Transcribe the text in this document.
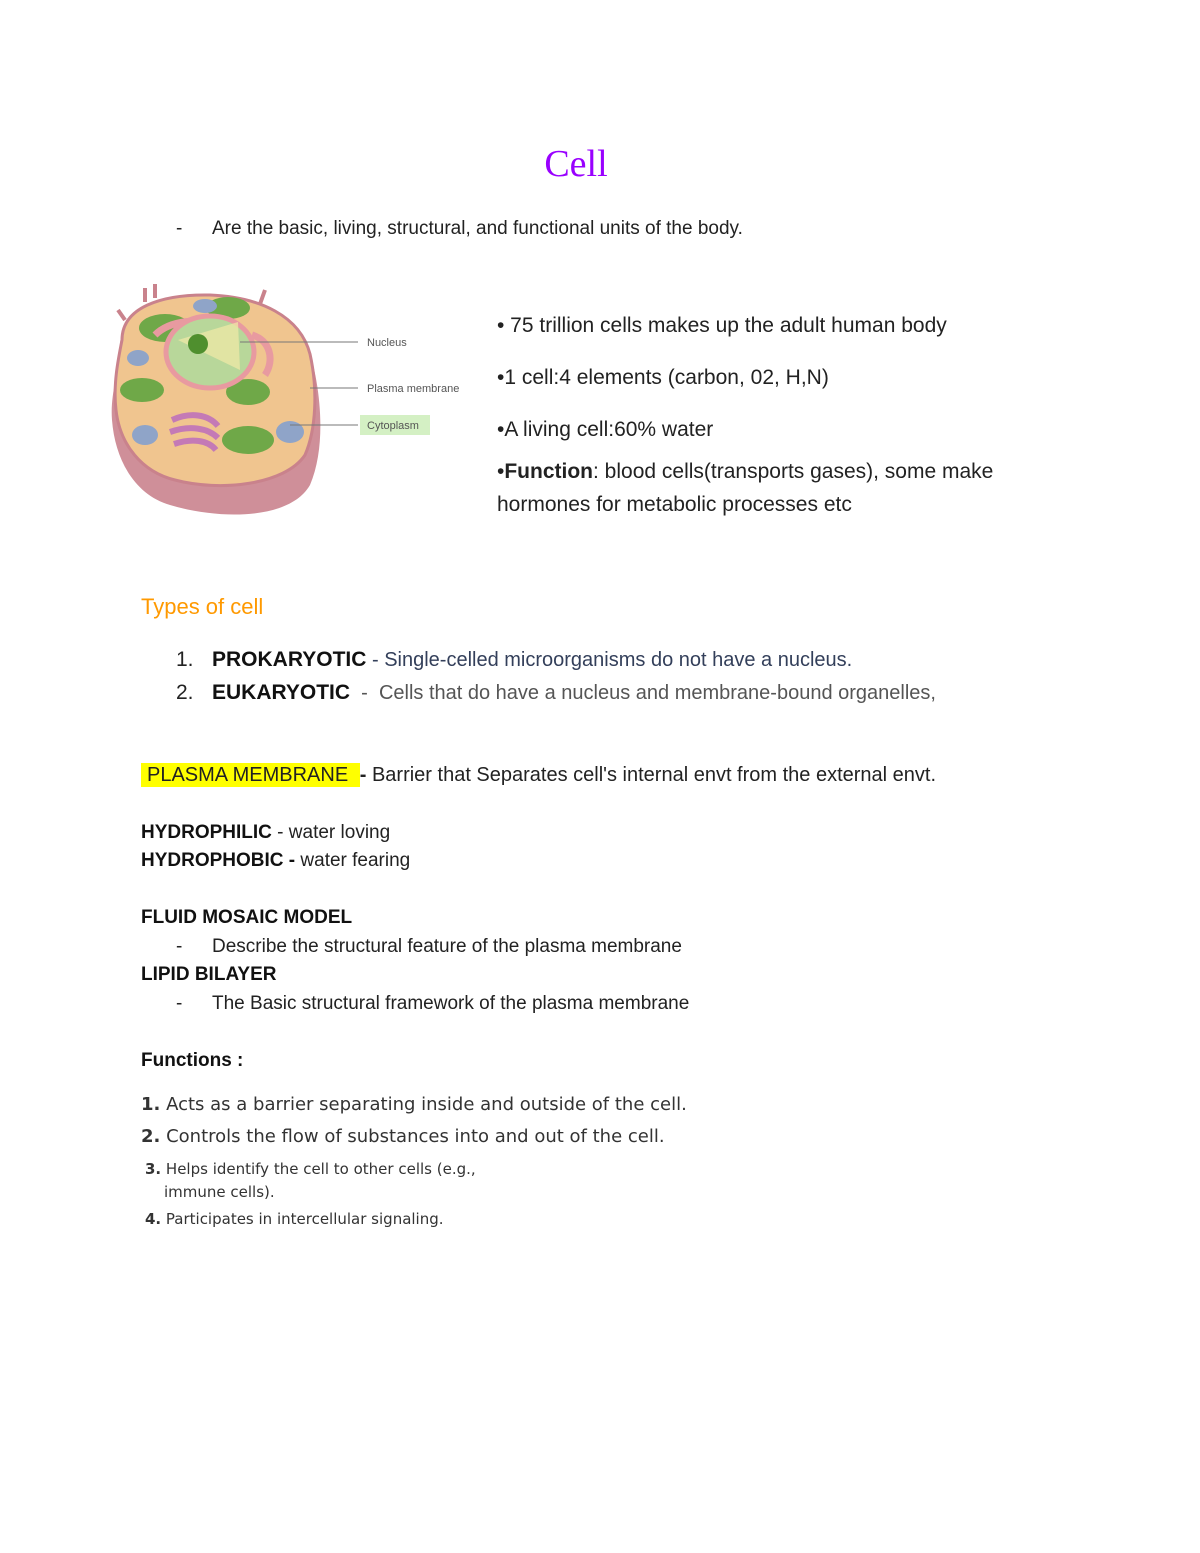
Cell
- Are the basic, living, structural, and functional units of the body.
Nucleus
Plasma membrane
Cytoplasm
• 75 trillion cells makes up the adult human body
•1 cell:4 elements (carbon, 02, H,N)
•A living cell:60% water
•Function: blood cells(transports gases), some make
hormones for metabolic processes etc
Types of cell
1. PROKARYOTIC - Single-celled microorganisms do not have a nucleus.
2. EUKARYOTIC  -  Cells that do have a nucleus and membrane-bound organelles,
PLASMA MEMBRANE - Barrier that Separates cell's internal envt from the external envt.
HYDROPHILIC - water loving
HYDROPHOBIC - water fearing
FLUID MOSAIC MODEL
- Describe the structural feature of the plasma membrane
LIPID BILAYER
- The Basic structural framework of the plasma membrane
Functions :
1. Acts as a barrier separating inside and outside of the cell.
2. Controls the flow of substances into and out of the cell.
3. Helps identify the cell to other cells (e.g.,
immune cells).
4. Participates in intercellular signaling.
